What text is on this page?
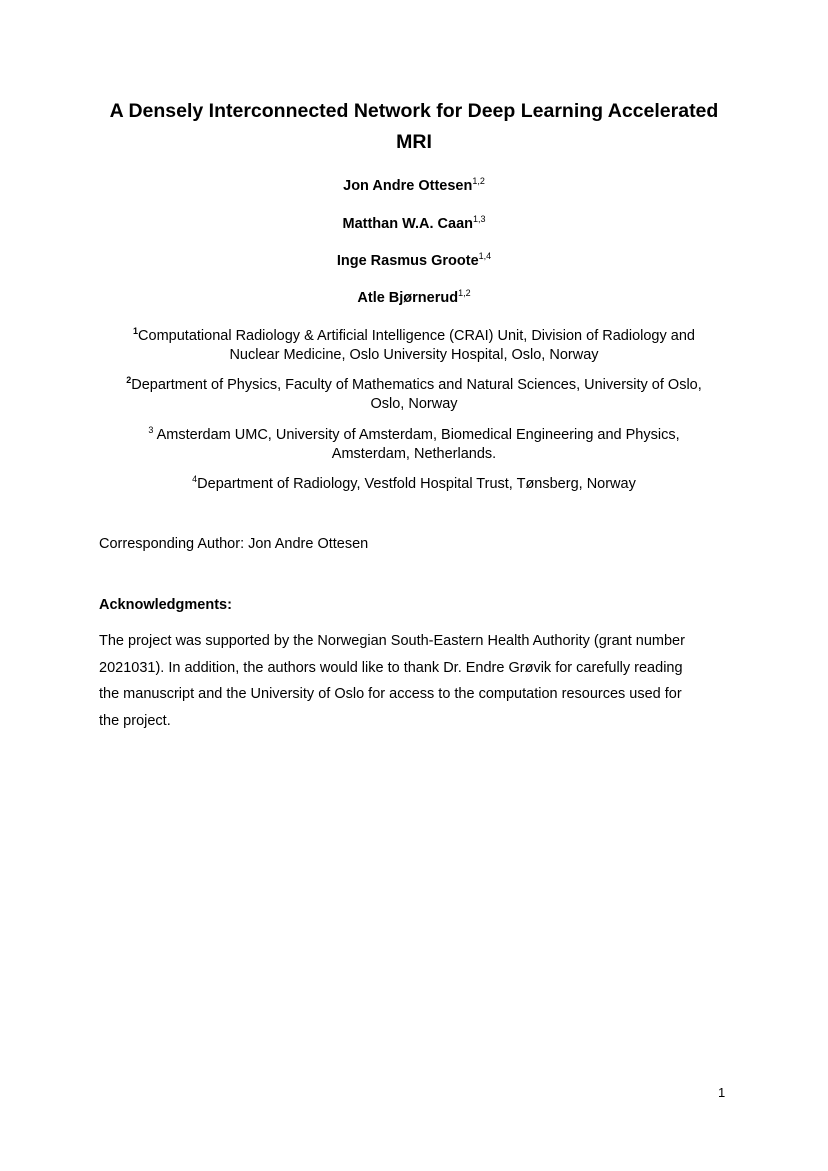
A Densely Interconnected Network for Deep Learning Accelerated
MRI
Jon Andre Ottesen$^{1,2}$
Matthan W.A. Caan$^{1,3}$
Inge Rasmus Groote$^{1,4}$
Atle Bjørnerud$^{1,2}$
$^1$Computational Radiology & Artificial Intelligence (CRAI) Unit, Division of Radiology and
Nuclear Medicine, Oslo University Hospital, Oslo, Norway
$^2$Department of Physics, Faculty of Mathematics and Natural Sciences, University of Oslo,
Oslo, Norway
$^3$ Amsterdam UMC, University of Amsterdam, Biomedical Engineering and Physics,
Amsterdam, Netherlands.
$^4$Department of Radiology, Vestfold Hospital Trust, Tønsberg, Norway
Corresponding Author: Jon Andre Ottesen
Acknowledgments:
The project was supported by the Norwegian South-Eastern Health Authority (grant number
2021031). In addition, the authors would like to thank Dr. Endre Grøvik for carefully reading
the manuscript and the University of Oslo for access to the computation resources used for
the project.
1
